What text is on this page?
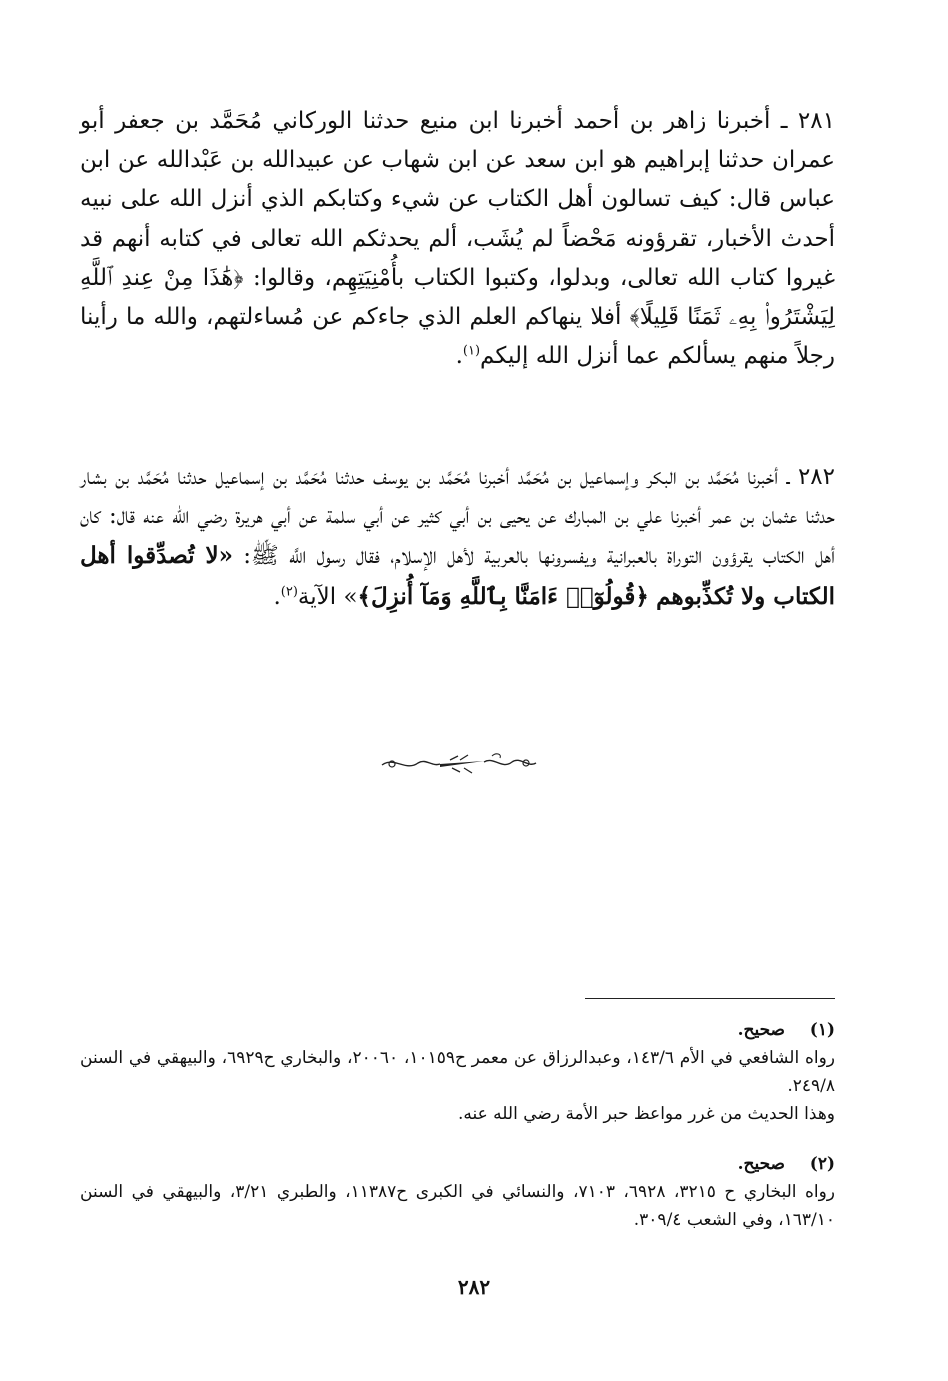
٢٨١ ـ أخبرنا زاهر بن أحمد أخبرنا ابن منيع حدثنا الوركاني مُحَمَّد بن جعفر أبو عمران حدثنا إبراهيم هو ابن سعد عن ابن شهاب عن عبيدالله بن عَبْدالله عن ابن عباس قال: كيف تسالون أهل الكتاب عن شيء وكتابكم الذي أنزل الله على نبيه أحدث الأخبار، تقرؤونه مَحْضاً لم يُشَب، ألم يحدثكم الله تعالى في كتابه أنهم قد غيروا كتاب الله تعالى، وبدلوا، وكتبوا الكتاب بأُمْنِيَتِهِم، وقالوا: ﴿هَٰذَا مِنْ عِندِ ٱللَّهِ لِيَشْتَرُوا۟ بِهِۦ ثَمَنًا قَلِيلًا﴾ أفلا ينهاكم العلم الذي جاءكم عن مُساءلتهم، والله ما رأينا رجلاً منهم يسألكم عما أنزل الله إليكم$^{(١)}$.

٢٨٢ ـ أخبرنا مُحَمَّد بن البكر وإسماعيل بن مُحَمَّد أخبرنا مُحَمَّد بن يوسف حدثنا مُحَمَّد بن إسماعيل حدثنا مُحَمَّد بن بشار حدثنا عثمان بن عمر أخبرنا علي بن المبارك عن يحيى بن أبي كثير عن أبي سلمة عن أبي هريرة رضي الله عنه قال: كان أهل الكتاب يقرؤون التوراة بالعبرانية ويفسرونها بالعربية لأهل الإسلام، فقال رسول اللَّه ﷺ: «لا تُصدِّقوا أهل الكتاب ولا تُكذِّبوهم ﴿قُولُوٓا۟ ءَامَنَّا بِٱللَّهِ وَمَآ أُنزِلَ﴾» الآية$^{(٢)}$.

(١)صحيح.
رواه الشافعي في الأم ١٤٣/٦، وعبدالرزاق عن معمر ح١٠١٥٩، ٢٠٠٦٠، والبخاري ح٦٩٢٩، والبيهقي في السنن ٢٤٩/٨.
وهذا الحديث من غرر مواعظ حبر الأمة رضي الله عنه.
(٢)صحيح.
رواه البخاري ح ٣٢١٥، ٦٩٢٨، ٧١٠٣، والنسائي في الكبرى ح١١٣٨٧، والطبري ٣/٢١، والبيهقي في السنن ١٦٣/١٠، وفي الشعب ٣٠٩/٤.
٢٨٢
